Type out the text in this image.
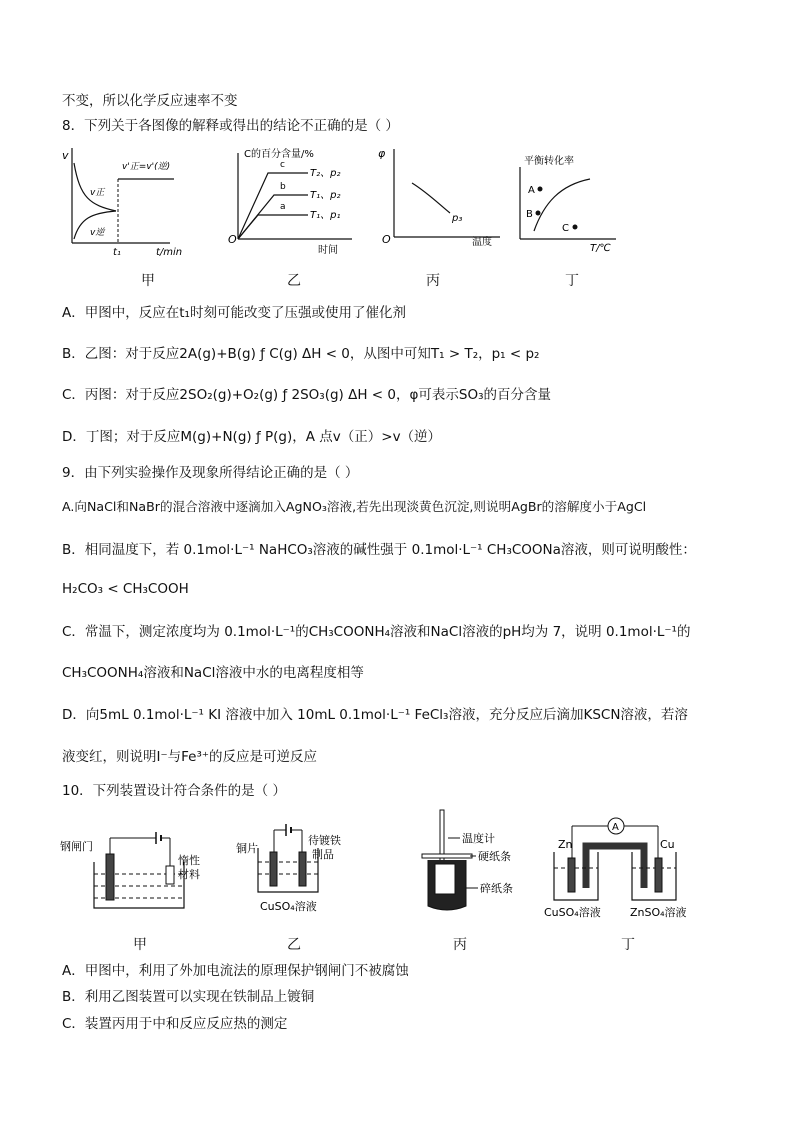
不变，所以化学反应速率不变
8．下列关于各图像的解释或得出的结论不正确的是（ ）
v
v'正=v'(逆)
v正
v逆
t₁	t/min
C的百分含量/%
O
时间
c
b
a
T₂、p₂
T₁、p₂
T₁、p₁
φ
O	温度
p₃
平衡转化率
T/℃
A
B
C
甲	乙	丙	丁
A．甲图中，反应在t₁时刻可能改变了压强或使用了催化剂
B．乙图：对于反应2A(g)+B(g) ƒ C(g) ΔH < 0，从图中可知T₁ > T₂，p₁ < p₂
C．丙图：对于反应2SO₂(g)+O₂(g) ƒ 2SO₃(g) ΔH < 0，φ可表示SO₃的百分含量
D．丁图；对于反应M(g)+N(g) ƒ P(g)，A 点v（正）>v（逆）
9．由下列实验操作及现象所得结论正确的是（ ）
A.向NaCl和NaBr的混合溶液中逐滴加入AgNO₃溶液,若先出现淡黄色沉淀,则说明AgBr的溶解度小于AgCl
B．相同温度下，若 0.1mol·L⁻¹ NaHCO₃溶液的碱性强于 0.1mol·L⁻¹ CH₃COONa溶液，则可说明酸性：
H₂CO₃ < CH₃COOH
C．常温下，测定浓度均为 0.1mol·L⁻¹的CH₃COONH₄溶液和NaCl溶液的pH均为 7，说明 0.1mol·L⁻¹的
CH₃COONH₄溶液和NaCl溶液中水的电离程度相等
D．向5mL 0.1mol·L⁻¹ KI 溶液中加入 10mL 0.1mol·L⁻¹ FeCl₃溶液，充分反应后滴加KSCN溶液，若溶
液变红，则说明I⁻与Fe³⁺的反应是可逆反应
10．下列装置设计符合条件的是（ ）
钢闸门
惰性
材料
铜片
待镀铁
制品
CuSO₄溶液
温度计
硬纸条
碎纸条
Zn	Cu
A
CuSO₄溶液	ZnSO₄溶液
甲	乙	丙	丁
A．甲图中，利用了外加电流法的原理保护钢闸门不被腐蚀
B．利用乙图装置可以实现在铁制品上镀铜
C．装置丙用于中和反应反应热的测定
